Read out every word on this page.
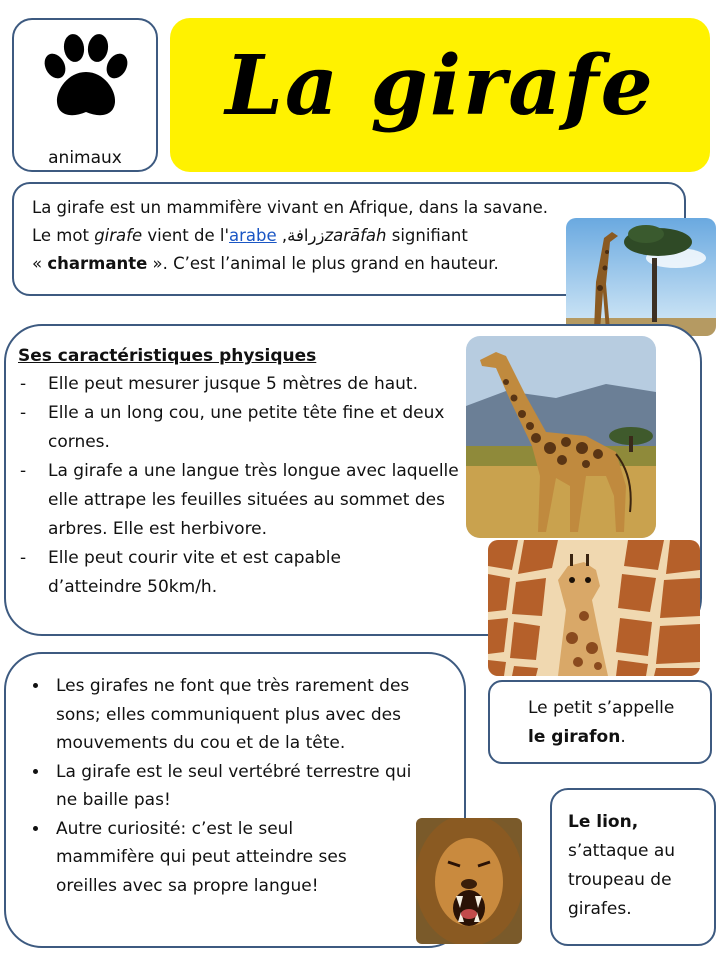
animaux
La girafe

La girafe est un mammifère vivant en Afrique, dans la savane.

Le mot girafe vient de l'arabe ,زرافةzarāfah signifiant

« charmante ». C’est l’animal le plus grand en hauteur.

Ses caractéristiques physiques

- Elle peut mesurer jusque 5 mètres de haut.
- Elle a un long cou, une petite tête fine et deux cornes.
- La girafe a une langue très longue avec laquelle elle attrape les feuilles situées au sommet des arbres. Elle est herbivore.
- Elle peut courir vite et est capable d’atteindre 50km/h.
• Les girafes ne font que très rarement des sons; elles communiquent plus avec des mouvements du cou et de la tête.
• La girafe est le seul vertébré terrestre qui ne baille pas!
• Autre curiosité: c’est le seul mammifère qui peut atteindre ses oreilles avec sa propre langue!
Le petit s’appelle
le girafon.
Le lion,
s’attaque au troupeau de girafes.
